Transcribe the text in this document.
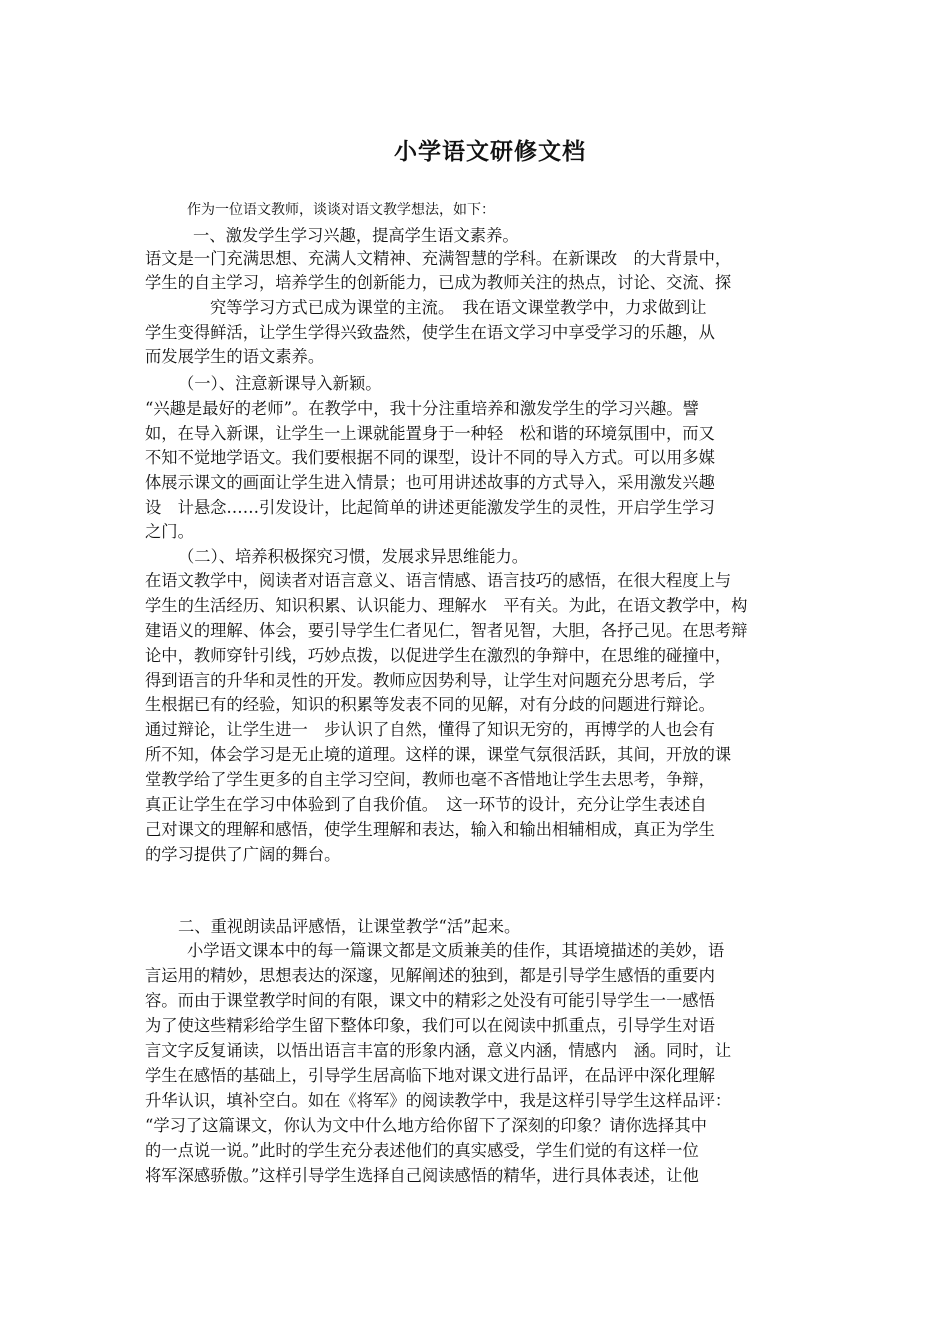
小学语文研修文档
作为一位语文教师，谈谈对语文教学想法，如下：
一、激发学生学习兴趣，提高学生语文素养。
语文是一门充满思想、充满人文精神、充满智慧的学科。在新课改　的大背景中，
学生的自主学习，培养学生的创新能力，已成为教师关注的热点，讨论、交流、探
究等学习方式已成为课堂的主流。　我在语文课堂教学中，力求做到让
学生变得鲜活，让学生学得兴致盎然，使学生在语文学习中享受学习的乐趣，从
而发展学生的语文素养。
（一）、注意新课导入新颖。
“兴趣是最好的老师”。在教学中，我十分注重培养和激发学生的学习兴趣。譬
如，在导入新课，让学生一上课就能置身于一种轻　松和谐的环境氛围中，而又
不知不觉地学语文。我们要根据不同的课型，设计不同的导入方式。可以用多媒
体展示课文的画面让学生进入情景；也可用讲述故事的方式导入，采用激发兴趣
设　计悬念……引发设计，比起简单的讲述更能激发学生的灵性，开启学生学习
之门。
（二）、培养积极探究习惯，发展求异思维能力。
在语文教学中，阅读者对语言意义、语言情感、语言技巧的感悟，在很大程度上与
学生的生活经历、知识积累、认识能力、理解水　平有关。为此，在语文教学中，构
建语义的理解、体会，要引导学生仁者见仁，智者见智，大胆，各抒己见。在思考辩
论中，教师穿针引线，巧妙点拨，以促进学生在激烈的争辩中，在思维的碰撞中，
得到语言的升华和灵性的开发。教师应因势利导，让学生对问题充分思考后，学
生根据已有的经验，知识的积累等发表不同的见解，对有分歧的问题进行辩论。
通过辩论，让学生进一　步认识了自然，懂得了知识无穷的，再博学的人也会有
所不知，体会学习是无止境的道理。这样的课，课堂气氛很活跃，其间，开放的课
堂教学给了学生更多的自主学习空间，教师也毫不吝惜地让学生去思考，争辩，
真正让学生在学习中体验到了自我价值。　这一环节的设计，充分让学生表述自
己对课文的理解和感悟，使学生理解和表达，输入和输出相辅相成，真正为学生
的学习提供了广阔的舞台。
二、重视朗读品评感悟，让课堂教学“活”起来。
小学语文课本中的每一篇课文都是文质兼美的佳作，其语境描述的美妙，语
言运用的精妙，思想表达的深邃，见解阐述的独到，都是引导学生感悟的重要内
容。而由于课堂教学时间的有限，课文中的精彩之处没有可能引导学生一一感悟
为了使这些精彩给学生留下整体印象，我们可以在阅读中抓重点，引导学生对语
言文字反复诵读，以悟出语言丰富的形象内涵，意义内涵，情感内　涵。同时，让
学生在感悟的基础上，引导学生居高临下地对课文进行品评，在品评中深化理解
升华认识，填补空白。如在《将军》的阅读教学中，我是这样引导学生这样品评：
“学习了这篇课文，你认为文中什么地方给你留下了深刻的印象？请你选择其中
的一点说一说。”此时的学生充分表述他们的真实感受，学生们觉的有这样一位
将军深感骄傲。”这样引导学生选择自己阅读感悟的精华，进行具体表述，让他
